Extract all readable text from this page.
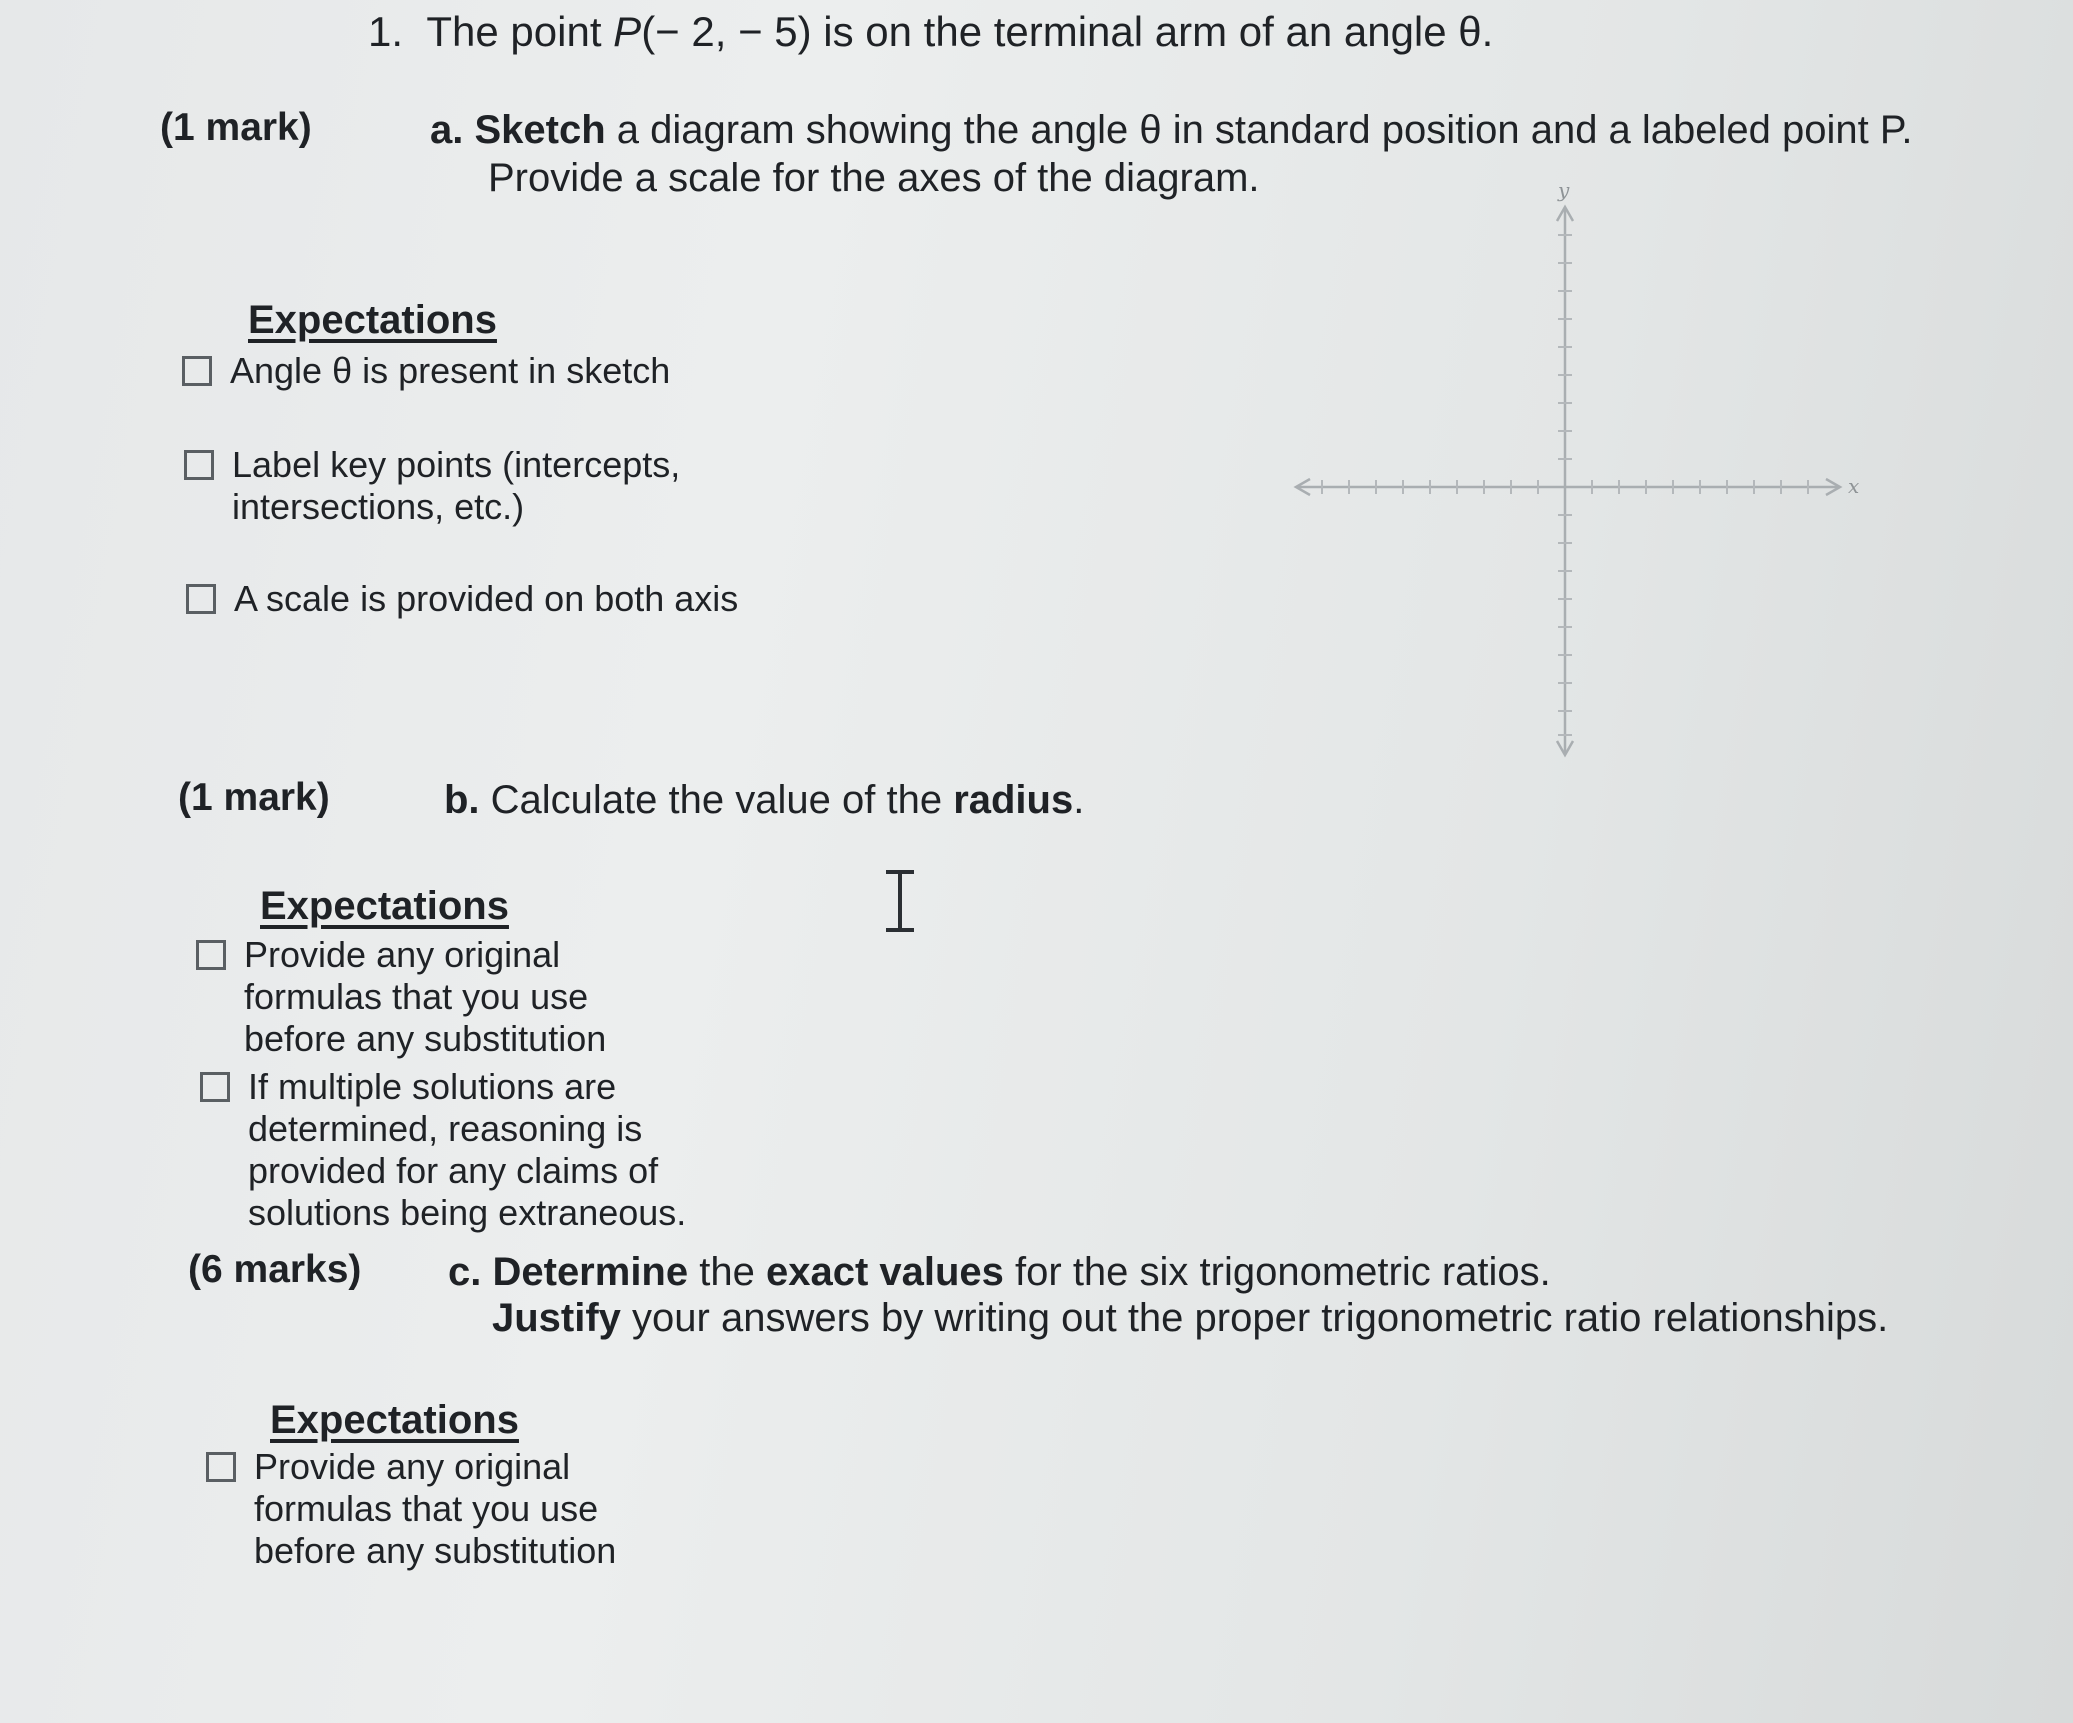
1. The point P(− 2, − 5) is on the terminal arm of an angle θ.
(1 mark)	a. Sketch a diagram showing the angle θ in standard position and a labeled point P.
Provide a scale for the axes of the diagram.
Expectations
Angle θ is present in sketch
Label key points (intercepts, intersections, etc.)
A scale is provided on both axis
x
y
(1 mark)	b. Calculate the value of the radius.
Expectations
Provide any original formulas that you use before any substitution
If multiple solutions are determined, reasoning is provided for any claims of solutions being extraneous.
(6 marks) c. Determine the exact values for the six trigonometric ratios.
Justify your answers by writing out the proper trigonometric ratio relationships.
Expectations
Provide any original formulas that you use before any substitution
